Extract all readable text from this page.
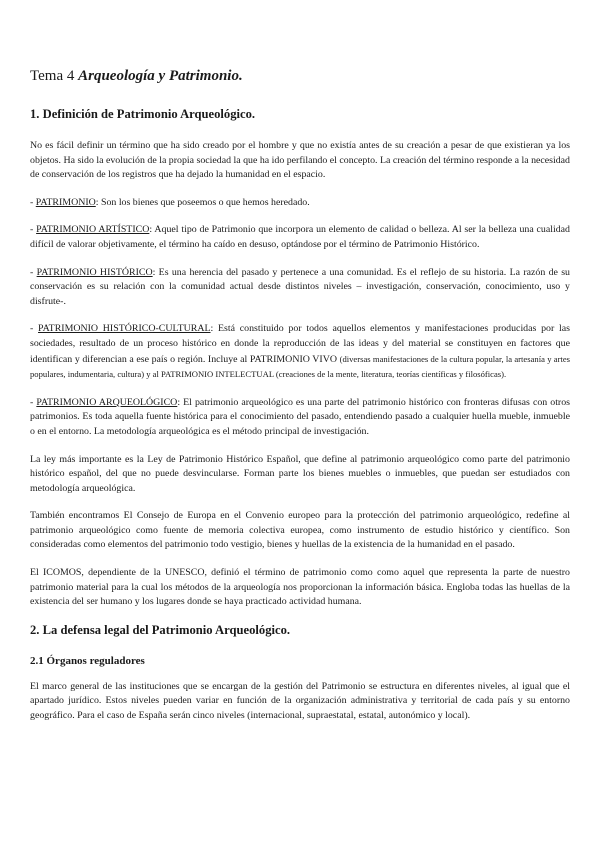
Tema 4 Arqueología y Patrimonio.
1. Definición de Patrimonio Arqueológico.

No es fácil definir un término que ha sido creado por el hombre y que no existía antes de su creación a pesar de que existieran ya los objetos. Ha sido la evolución de la propia sociedad la que ha ido perfilando el concepto. La creación del término responde a la necesidad de conservación de los registros que ha dejado la humanidad en el espacio.

- PATRIMONIO: Son los bienes que poseemos o que hemos heredado.

- PATRIMONIO ARTÍSTICO: Aquel tipo de Patrimonio que incorpora un elemento de calidad o belleza. Al ser la belleza una cualidad difícil de valorar objetivamente, el término ha caído en desuso, optándose por el término de Patrimonio Histórico.

- PATRIMONIO HISTÓRICO: Es una herencia del pasado y pertenece a una comunidad. Es el reflejo de su historia. La razón de su conservación es su relación con la comunidad actual desde distintos niveles – investigación, conservación, conocimiento, uso y disfrute-.

- PATRIMONIO HISTÓRICO-CULTURAL: Está constituido por todos aquellos elementos y manifestaciones producidas por las sociedades, resultado de un proceso histórico en donde la reproducción de las ideas y del material se constituyen en factores que identifican y diferencian a ese país o región. Incluye al PATRIMONIO VIVO (diversas manifestaciones de la cultura popular, la artesanía y artes populares, indumentaria, cultura) y al PATRIMONIO INTELECTUAL (creaciones de la mente, literatura, teorías científicas y filosóficas).

- PATRIMONIO ARQUEOLÓGICO: El patrimonio arqueológico es una parte del patrimonio histórico con fronteras difusas con otros patrimonios. Es toda aquella fuente histórica para el conocimiento del pasado, entendiendo pasado a cualquier huella mueble, inmueble o en el entorno. La metodología arqueológica es el método principal de investigación.

La ley más importante es la Ley de Patrimonio Histórico Español, que define al patrimonio arqueológico como parte del patrimonio histórico español, del que no puede desvincularse. Forman parte los bienes muebles o inmuebles, que puedan ser estudiados con metodología arqueológica.

También encontramos El Consejo de Europa en el Convenio europeo para la protección del patrimonio arqueológico, redefine al patrimonio arqueológico como fuente de memoria colectiva europea, como instrumento de estudio histórico y científico. Son consideradas como elementos del patrimonio todo vestigio, bienes y huellas de la existencia de la humanidad en el pasado.

El ICOMOS, dependiente de la UNESCO, definió el término de patrimonio como como aquel que representa la parte de nuestro patrimonio material para la cual los métodos de la arqueología nos proporcionan la información básica. Engloba todas las huellas de la existencia del ser humano y los lugares donde se haya practicado actividad humana.

2. La defensa legal del Patrimonio Arqueológico.
2.1 Órganos reguladores

El marco general de las instituciones que se encargan de la gestión del Patrimonio se estructura en diferentes niveles, al igual que el apartado jurídico. Estos niveles pueden variar en función de la organización administrativa y territorial de cada país y su entorno geográfico. Para el caso de España serán cinco niveles (internacional, supraestatal, estatal, autonómico y local).
